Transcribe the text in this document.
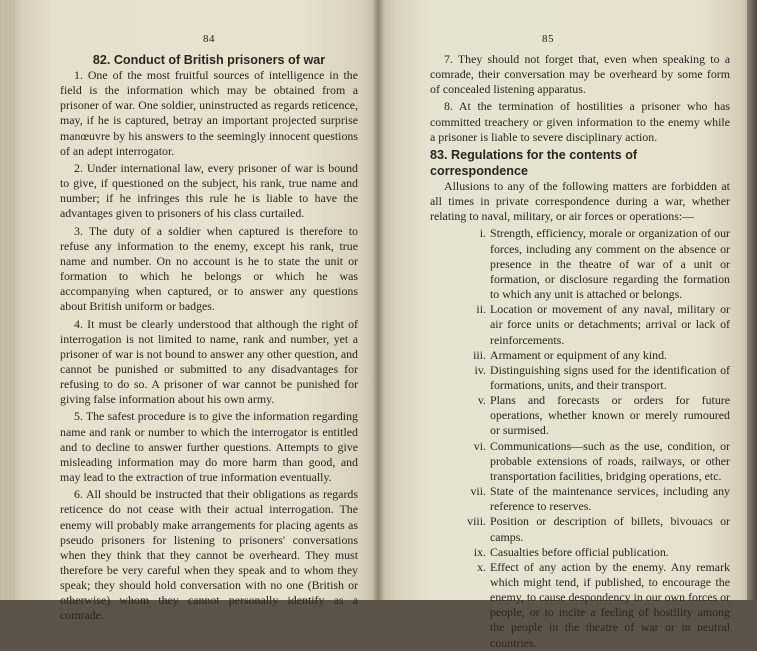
84
82. Conduct of British prisoners of war

1. One of the most fruitful sources of intelligence in the field is the information which may be obtained from a prisoner of war. One soldier, uninstructed as regards reticence, may, if he is captured, betray an important projected surprise manœuvre by his answers to the seemingly innocent questions of an adept interrogator.

2. Under international law, every prisoner of war is bound to give, if questioned on the subject, his rank, true name and number; if he infringes this rule he is liable to have the advantages given to prisoners of his class curtailed.

3. The duty of a soldier when captured is therefore to refuse any information to the enemy, except his rank, true name and number. On no account is he to state the unit or formation to which he belongs or which he was accompanying when captured, or to answer any questions about British uniform or badges.

4. It must be clearly understood that although the right of interrogation is not limited to name, rank and number, yet a prisoner of war is not bound to answer any other question, and cannot be punished or submitted to any disadvantages for refusing to do so. A prisoner of war cannot be punished for giving false information about his own army.

5. The safest procedure is to give the information regarding name and rank or number to which the interrogator is entitled and to decline to answer further questions. Attempts to give misleading information may do more harm than good, and may lead to the extraction of true information eventually.

6. All should be instructed that their obligations as regards reticence do not cease with their actual interrogation. The enemy will probably make arrangements for placing agents as pseudo prisoners for listening to prisoners' conversations when they think that they cannot be overheard. They must therefore be very careful when they speak and to whom they speak; they should hold conversation with no one (British or otherwise) whom they cannot personally identify as a comrade.

85

7. They should not forget that, even when speaking to a comrade, their conversation may be overheard by some form of concealed listening apparatus.

8. At the termination of hostilities a prisoner who has committed treachery or given information to the enemy while a prisoner is liable to severe disciplinary action.

83. Regulations for the contents of correspondence

Allusions to any of the following matters are forbidden at all times in private correspondence during a war, whether relating to naval, military, or air forces or operations:—

i. Strength, efficiency, morale or organization of our forces, including any comment on the absence or presence in the theatre of war of a unit or formation, or disclosure regarding the formation to which any unit is attached or belongs.
ii. Location or movement of any naval, military or air force units or detachments; arrival or lack of reinforcements.
iii. Armament or equipment of any kind.
iv. Distinguishing signs used for the identification of formations, units, and their transport.
v. Plans and forecasts or orders for future operations, whether known or merely rumoured or surmised.
vi. Communications—such as the use, condition, or probable extensions of roads, railways, or other transportation facilities, bridging operations, etc.
vii. State of the maintenance services, including any reference to reserves.
viii. Position or description of billets, bivouacs or camps.
ix. Casualties before official publication.
x. Effect of any action by the enemy. Any remark which might tend, if published, to encourage the enemy, to cause despondency in our own forces or people, or to incite a feeling of hostility among the people in the theatre of war or in neutral countries.
